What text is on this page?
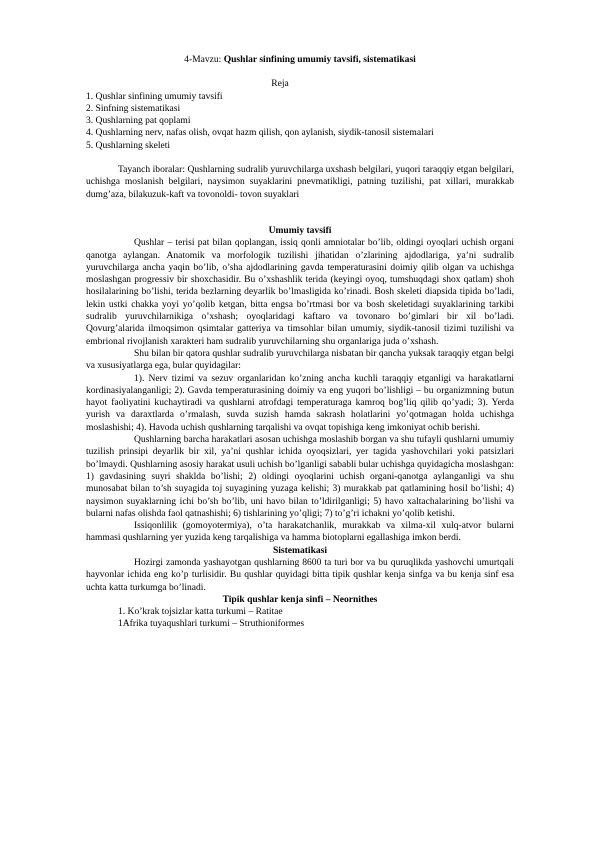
4-Mavzu: Qushlar sinfining umumiy tavsifi, sistematikasi
Reja
1. Qushlar sinfining umumiy tavsifi
2. Sinfning sistematikasi
3. Qushlarning pat qoplami
4. Qushlarning nerv, nafas olish, ovqat hazm qilish, qon aylanish, siydik-tanosil sistemalari
5. Qushlarning skeleti

Tayanch iboralar: Qushlarning sudralib yuruvchilarga uxshash belgilari, yuqori taraqqiy etgan belgilari, uchishga moslanish belgilari, naysimon suyaklarini pnevmatikligi, patning tuzilishi, pat xillari, murakkab dumg’aza, bilakuzuk-kaft va tovonoldi- tovon suyaklari

Umumiy tavsifi

Qushlar – terisi pat bilan qoplangan, issiq qonli amniotalar bo’lib, oldingi oyoqlari uchish organi qanotga aylangan. Anatomik va morfologik tuzilishi jihatidan o’zlarining ajdodlariga, ya’ni sudralib yuruvchilarga ancha yaqin bo’lib, o’sha ajdodlarining gavda temperaturasini doimiy qilib olgan va uchishga moslashgan progressiv bir shoxchasidir. Bu o’xshashlik terida (keyingi oyoq, tumshuqdagi shox qatlam) shoh hosilalarining bo’lishi, terida bezlarning deyarlik bo’lmasligida ko’rinadi. Bosh skeleti diapsida tipida bo’ladi, lekin ustki chakka yoyi yo’qolib ketgan, bitta engsa bo’rtmasi bor va bosh skeletidagi suyaklarining tarkibi sudralib yuruvchilarnikiga o’xshash; oyoqlaridagi kaftaro va tovonaro bo’gimlari bir xil bo’ladi. Qovurg’alarida ilmoqsimon qsimtalar gatteriya va timsohlar bilan umumiy, siydik-tanosil tizimi tuzilishi va embrional rivojlanish xarakteri ham sudralib yuruvchilarning shu organlariga juda o’xshash.

Shu bilan bir qatora qushlar sudralib yuruvchilarga nisbatan bir qancha yuksak taraqqiy etgan belgi va xususiyatlarga ega, bular quyidagilar:

1). Nerv tizimi va sezuv organlaridan ko’zning ancha kuchli taraqqiy etganligi va harakatlarni kordinasiyalanganligi; 2). Gavda temperaturasining doimiy va eng yuqori bo’lishligi – bu organizmning butun hayot faoliyatini kuchaytiradi va qushlarni atrofdagi temperaturaga kamroq bog’liq qilib qo’yadi; 3). Yerda yurish va daraxtlarda o’rmalash, suvda suzish hamda sakrash holatlarini yo’qotmagan holda uchishga moslashishi; 4). Havoda uchish qushlarning tarqalishi va ovqat topishiga keng imkoniyat ochib berishi.

Qushlarning barcha harakatlari asosan uchishga moslashib borgan va shu tufayli qushlarni umumiy tuzilish prinsipi deyarlik bir xil, ya’ni qushlar ichida oyoqsizlari, yer tagida yashovchilari yoki patsizlari bo’lmaydi. Qushlarning asosiy harakat usuli uchish bo’lganligi sababli bular uchishga quyidagicha moslashgan: 1) gavdasining suyri shaklda bo’lishi; 2) oldingi oyoqlarini uchish organi-qanotga aylanganligi va shu munosabat bilan to’sh suyagida toj suyagining yuzaga kelishi; 3) murakkab pat qatlamining hosil bo’lishi; 4) naysimon suyaklarning ichi bo’sh bo’lib, uni havo bilan to’ldirilganligi; 5) havo xaltachalarining bo’lishi va bularni nafas olishda faol qatnashishi; 6) tishlarining yo’qligi; 7) to’g’ri ichakni yo’qolib ketishi.

Issiqonlilik (gomoyotermiya), o’ta harakatchanlik, murakkab va xilma-xil xulq-atvor bularni hammasi qushlarning yer yuzida keng tarqalishiga va hamma biotoplarni egallashiga imkon berdi.

Sistematikasi

Hozirgi zamonda yashayotgan qushlarning 8600 ta turi bor va bu quruqlikda yashovchi umurtqali hayvonlar ichida eng ko’p turlisidir. Bu qushlar quyidagi bitta tipik qushlar kenja sinfga va bu kenja sinf esa uchta katta turkumga bo’linadi.

Tipik qushlar kenja sinfi – Neornithes
1. Ko’krak tojsizlar katta turkumi – Ratitae
1Afrika tuyaqushlari turkumi – Struthioniformes
